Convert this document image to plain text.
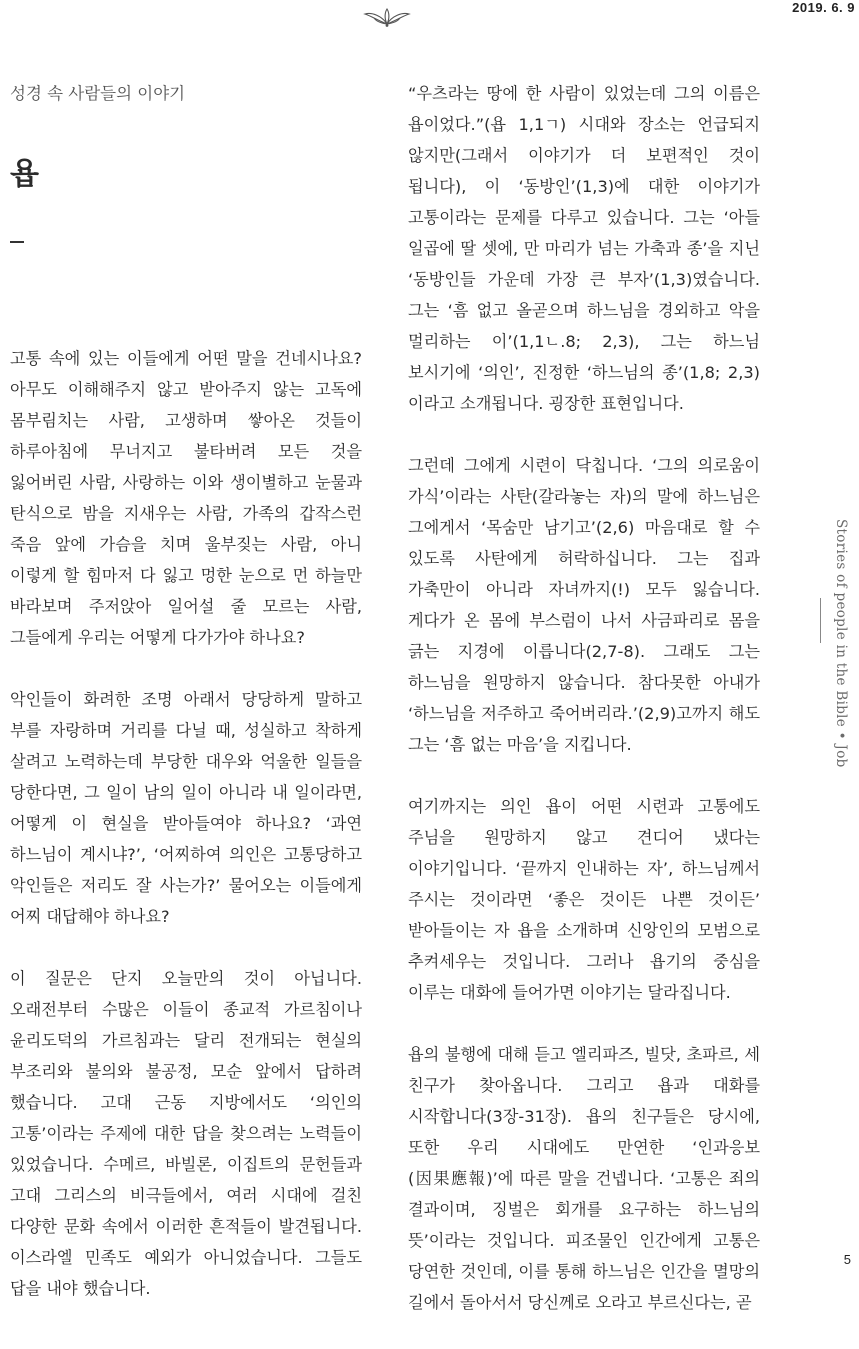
2019. 6. 9

성경 속 사람들의 이야기

욥

고통 속에 있는 이들에게 어떤 말을 건네시나요? 아무도 이해해주지 않고 받아주지 않는 고독에 몸부림치는 사람, 고생하며 쌓아온 것들이 하루아침에 무너지고 불타버려 모든 것을 잃어버린 사람, 사랑하는 이와 생이별하고 눈물과 탄식으로 밤을 지새우는 사람, 가족의 갑작스런 죽음 앞에 가슴을 치며 울부짖는 사람, 아니 이렇게 할 힘마저 다 잃고 멍한 눈으로 먼 하늘만 바라보며 주저앉아 일어설 줄 모르는 사람, 그들에게 우리는 어떻게 다가가야 하나요?

악인들이 화려한 조명 아래서 당당하게 말하고 부를 자랑하며 거리를 다닐 때, 성실하고 착하게 살려고 노력하는데 부당한 대우와 억울한 일들을 당한다면, 그 일이 남의 일이 아니라 내 일이라면, 어떻게 이 현실을 받아들여야 하나요? ‘과연 하느님이 계시냐?’, ‘어찌하여 의인은 고통당하고 악인들은 저리도 잘 사는가?’ 물어오는 이들에게 어찌 대답해야 하나요?

이 질문은 단지 오늘만의 것이 아닙니다. 오래전부터 수많은 이들이 종교적 가르침이나 윤리도덕의 가르침과는 달리 전개되는 현실의 부조리와 불의와 불공정, 모순 앞에서 답하려 했습니다. 고대 근동 지방에서도 ‘의인의 고통’이라는 주제에 대한 답을 찾으려는 노력들이 있었습니다. 수메르, 바빌론, 이집트의 문헌들과 고대 그리스의 비극들에서, 여러 시대에 걸친 다양한 문화 속에서 이러한 흔적들이 발견됩니다. 이스라엘 민족도 예외가 아니었습니다. 그들도 답을 내야 했습니다.

“우츠라는 땅에 한 사람이 있었는데 그의 이름은 욥이었다.”(욥 1,1ㄱ) 시대와 장소는 언급되지 않지만(그래서 이야기가 더 보편적인 것이 됩니다), 이 ‘동방인’(1,3)에 대한 이야기가 고통이라는 문제를 다루고 있습니다. 그는 ‘아들 일곱에 딸 셋에, 만 마리가 넘는 가축과 종’을 지닌 ‘동방인들 가운데 가장 큰 부자’(1,3)였습니다. 그는 ‘흠 없고 올곧으며 하느님을 경외하고 악을 멀리하는 이’(1,1ㄴ.8; 2,3), 그는 하느님 보시기에 ‘의인’, 진정한 ‘하느님의 종’(1,8; 2,3)이라고 소개됩니다. 굉장한 표현입니다.

그런데 그에게 시련이 닥칩니다. ‘그의 의로움이 가식’이라는 사탄(갈라놓는 자)의 말에 하느님은 그에게서 ‘목숨만 남기고’(2,6) 마음대로 할 수 있도록 사탄에게 허락하십니다. 그는 집과 가축만이 아니라 자녀까지(!) 모두 잃습니다. 게다가 온 몸에 부스럼이 나서 사금파리로 몸을 긁는 지경에 이릅니다(2,7-8). 그래도 그는 하느님을 원망하지 않습니다. 참다못한 아내가 ‘하느님을 저주하고 죽어버리라.’(2,9)고까지 해도 그는 ‘흠 없는 마음’을 지킵니다.

여기까지는 의인 욥이 어떤 시련과 고통에도 주님을 원망하지 않고 견디어 냈다는 이야기입니다. ‘끝까지 인내하는 자’, 하느님께서 주시는 것이라면 ‘좋은 것이든 나쁜 것이든’ 받아들이는 자 욥을 소개하며 신앙인의 모범으로 추켜세우는 것입니다. 그러나 욥기의 중심을 이루는 대화에 들어가면 이야기는 달라집니다.

욥의 불행에 대해 듣고 엘리파즈, 빌닷, 초파르, 세 친구가 찾아옵니다. 그리고 욥과 대화를 시작합니다(3장-31장). 욥의 친구들은 당시에, 또한 우리 시대에도 만연한 ‘인과응보(因果應報)’에 따른 말을 건넵니다. ‘고통은 죄의 결과이며, 징벌은 회개를 요구하는 하느님의 뜻’이라는 것입니다. 피조물인 인간에게 고통은 당연한 것인데, 이를 통해 하느님은 인간을 멸망의 길에서 돌아서서 당신께로 오라고 부르신다는, 곧

Stories of people in the Bible • Job
5
